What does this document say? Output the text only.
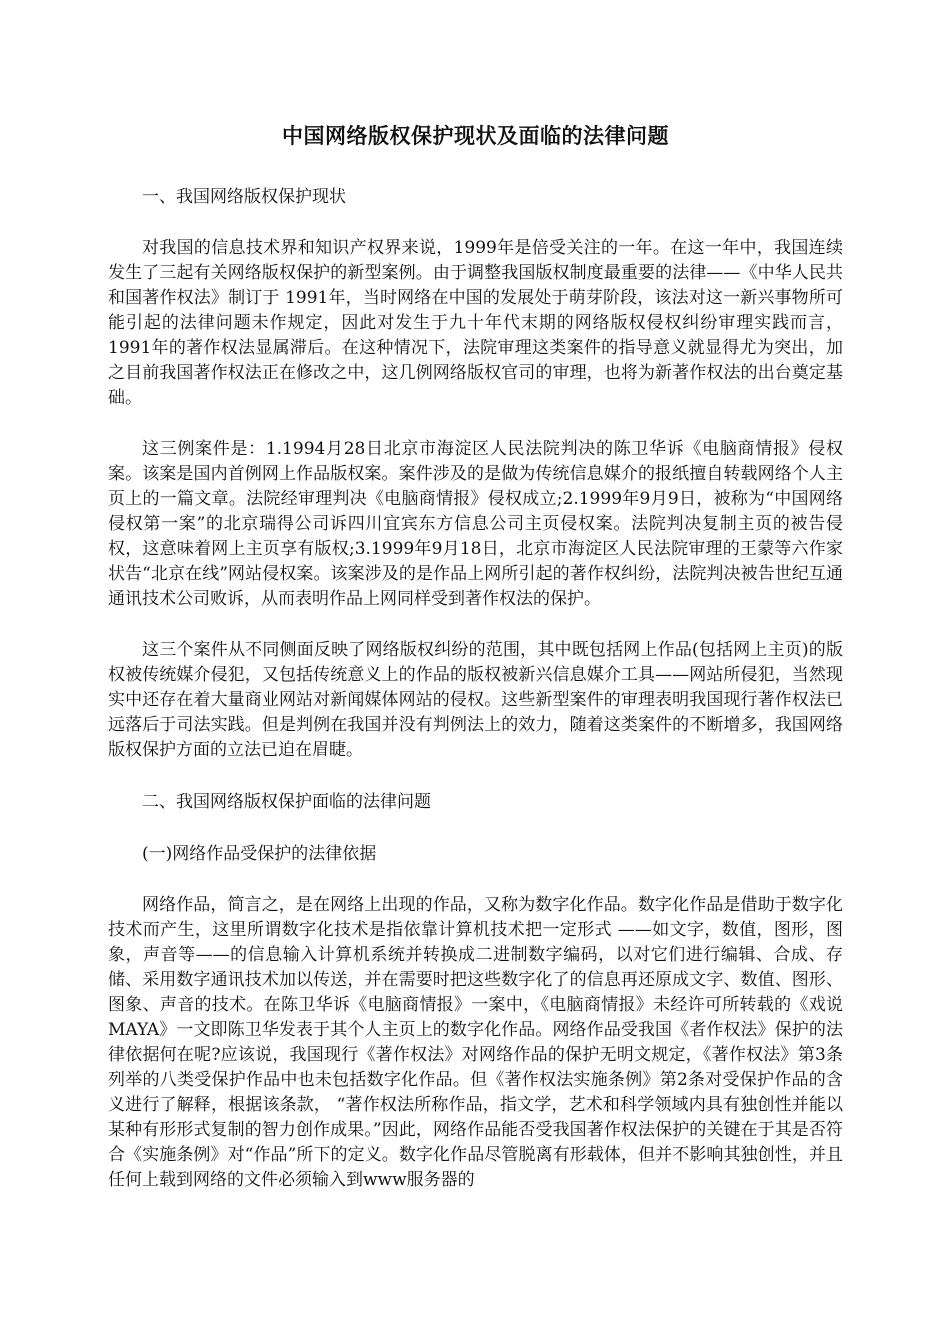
中国网络版权保护现状及面临的法律问题

一、我国网络版权保护现状

对我国的信息技术界和知识产权界来说，1999年是倍受关注的一年。在这一年中，我国连续发生了三起有关网络版权保护的新型案例。由于调整我国版权制度最重要的法律——《中华人民共和国著作权法》制订于 1991年，当时网络在中国的发展处于萌芽阶段，该法对这一新兴事物所可能引起的法律问题未作规定，因此对发生于九十年代末期的网络版权侵权纠纷审理实践而言，1991年的著作权法显属滞后。在这种情况下，法院审理这类案件的指导意义就显得尤为突出，加之目前我国著作权法正在修改之中，这几例网络版权官司的审理，也将为新著作权法的出台奠定基础。

这三例案件是：1.1994月28日北京市海淀区人民法院判决的陈卫华诉《电脑商情报》侵权案。该案是国内首例网上作品版权案。案件涉及的是做为传统信息媒介的报纸擅自转载网络个人主页上的一篇文章。法院经审理判决《电脑商情报》侵权成立;2.1999年9月9日，被称为“中国网络侵权第一案”的北京瑞得公司诉四川宜宾东方信息公司主页侵权案。法院判决复制主页的被告侵权，这意味着网上主页享有版权;3.1999年9月18日，北京市海淀区人民法院审理的王蒙等六作家状告“北京在线”网站侵权案。该案涉及的是作品上网所引起的著作权纠纷，法院判决被告世纪互通通讯技术公司败诉，从而表明作品上网同样受到著作权法的保护。

这三个案件从不同侧面反映了网络版权纠纷的范围，其中既包括网上作品(包括网上主页)的版权被传统媒介侵犯，又包括传统意义上的作品的版权被新兴信息媒介工具——网站所侵犯，当然现实中还存在着大量商业网站对新闻媒体网站的侵权。这些新型案件的审理表明我国现行著作权法已远落后于司法实践。但是判例在我国并没有判例法上的效力，随着这类案件的不断增多，我国网络版权保护方面的立法已迫在眉睫。

二、我国网络版权保护面临的法律问题

(一)网络作品受保护的法律依据

网络作品，简言之，是在网络上出现的作品，又称为数字化作品。数字化作品是借助于数字化技术而产生，这里所谓数字化技术是指依靠计算机技术把一定形式 ——如文字，数值，图形，图象，声音等——的信息输入计算机系统并转换成二进制数字编码，以对它们进行编辑、合成、存储、采用数字通讯技术加以传送，并在需要时把这些数字化了的信息再还原成文字、数值、图形、图象、声音的技术。在陈卫华诉《电脑商情报》一案中，《电脑商情报》未经许可所转载的《戏说 MAYA》一文即陈卫华发表于其个人主页上的数字化作品。网络作品受我国《者作权法》保护的法律依据何在呢?应该说，我国现行《著作权法》对网络作品的保护无明文规定，《著作权法》第3条列举的八类受保护作品中也未包括数字化作品。但《著作权法实施条例》第2条对受保护作品的含义进行了解释，根据该条款， “著作权法所称作品，指文学，艺术和科学领域内具有独创性并能以某种有形形式复制的智力创作成果。”因此，网络作品能否受我国著作权法保护的关键在于其是否符合《实施条例》对“作品”所下的定义。数字化作品尽管脱离有形载体，但并不影响其独创性，并且任何上载到网络的文件必须输入到www服务器的
